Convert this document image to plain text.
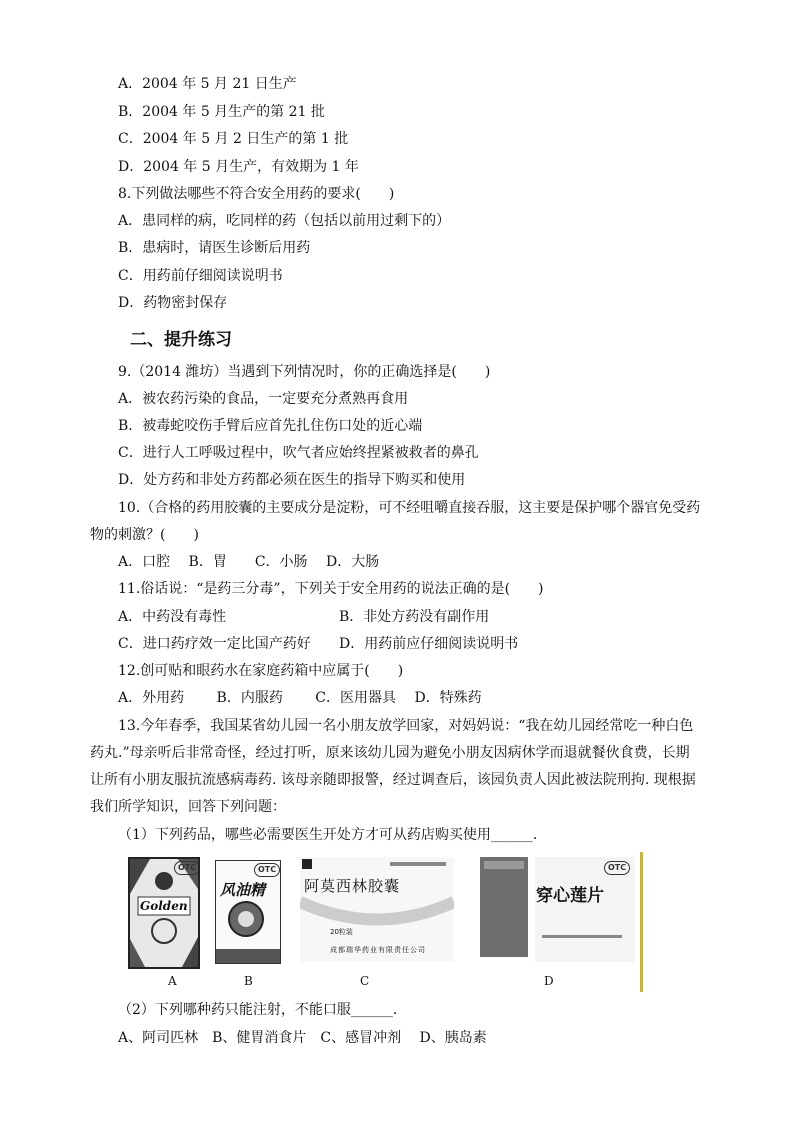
A．2004 年 5 月 21 日生产
B．2004 年 5 月生产的第 21 批
C．2004 年 5 月 2 日生产的第 1 批
D．2004 年 5 月生产，有效期为 1 年
8.下列做法哪些不符合安全用药的要求(　　)
A．患同样的病，吃同样的药（包括以前用过剩下的）
B．患病时，请医生诊断后用药
C．用药前仔细阅读说明书
D．药物密封保存
二、提升练习
9.（2014 潍坊）当遇到下列情况时，你的正确选择是(　　)
A．被农药污染的食品，一定要充分煮熟再食用
B．被毒蛇咬伤手臂后应首先扎住伤口处的近心端
C．进行人工呼吸过程中，吹气者应始终捏紧被救者的鼻孔
D．处方药和非处方药都必须在医生的指导下购买和使用
10.（合格的药用胶囊的主要成分是淀粉，可不经咀嚼直接吞服，这主要是保护哪个器官免受药
物的刺激？(　　)
A．口腔　 B．胃　　C．小肠　 D．大肠
11.俗话说：“是药三分毒”，下列关于安全用药的说法正确的是(　　)
A．中药没有毒性	B．非处方药没有副作用
C．进口药疗效一定比国产药好 D．用药前应仔细阅读说明书
12.创可贴和眼药水在家庭药箱中应属于(　　)
A．外用药　　 B．内服药　　 C．医用器具　 D．特殊药
13.今年春季，我国某省幼儿园一名小朋友放学回家，对妈妈说：“我在幼儿园经常吃一种白色
药丸.”母亲听后非常奇怪，经过打听，原来该幼儿园为避免小朋友因病休学而退就餐伙食费，长期
让所有小朋友服抗流感病毒药. 该母亲随即报警，经过调查后，该园负责人因此被法院刑拘. 现根据
我们所学知识，回答下列问题：
（1）下列药品，哪些必需要医生开处方才可从药店购买使用______．
Golden
OTC
A
风油精
OTC
B
阿莫西林胶囊
20粒装
成都瑞华药业有限责任公司
C
穿心莲片
OTC
D
（2）下列哪种药只能注射，不能口服______．
A、阿司匹林　B、健胃消食片　C、感冒冲剂　 D、胰岛素
